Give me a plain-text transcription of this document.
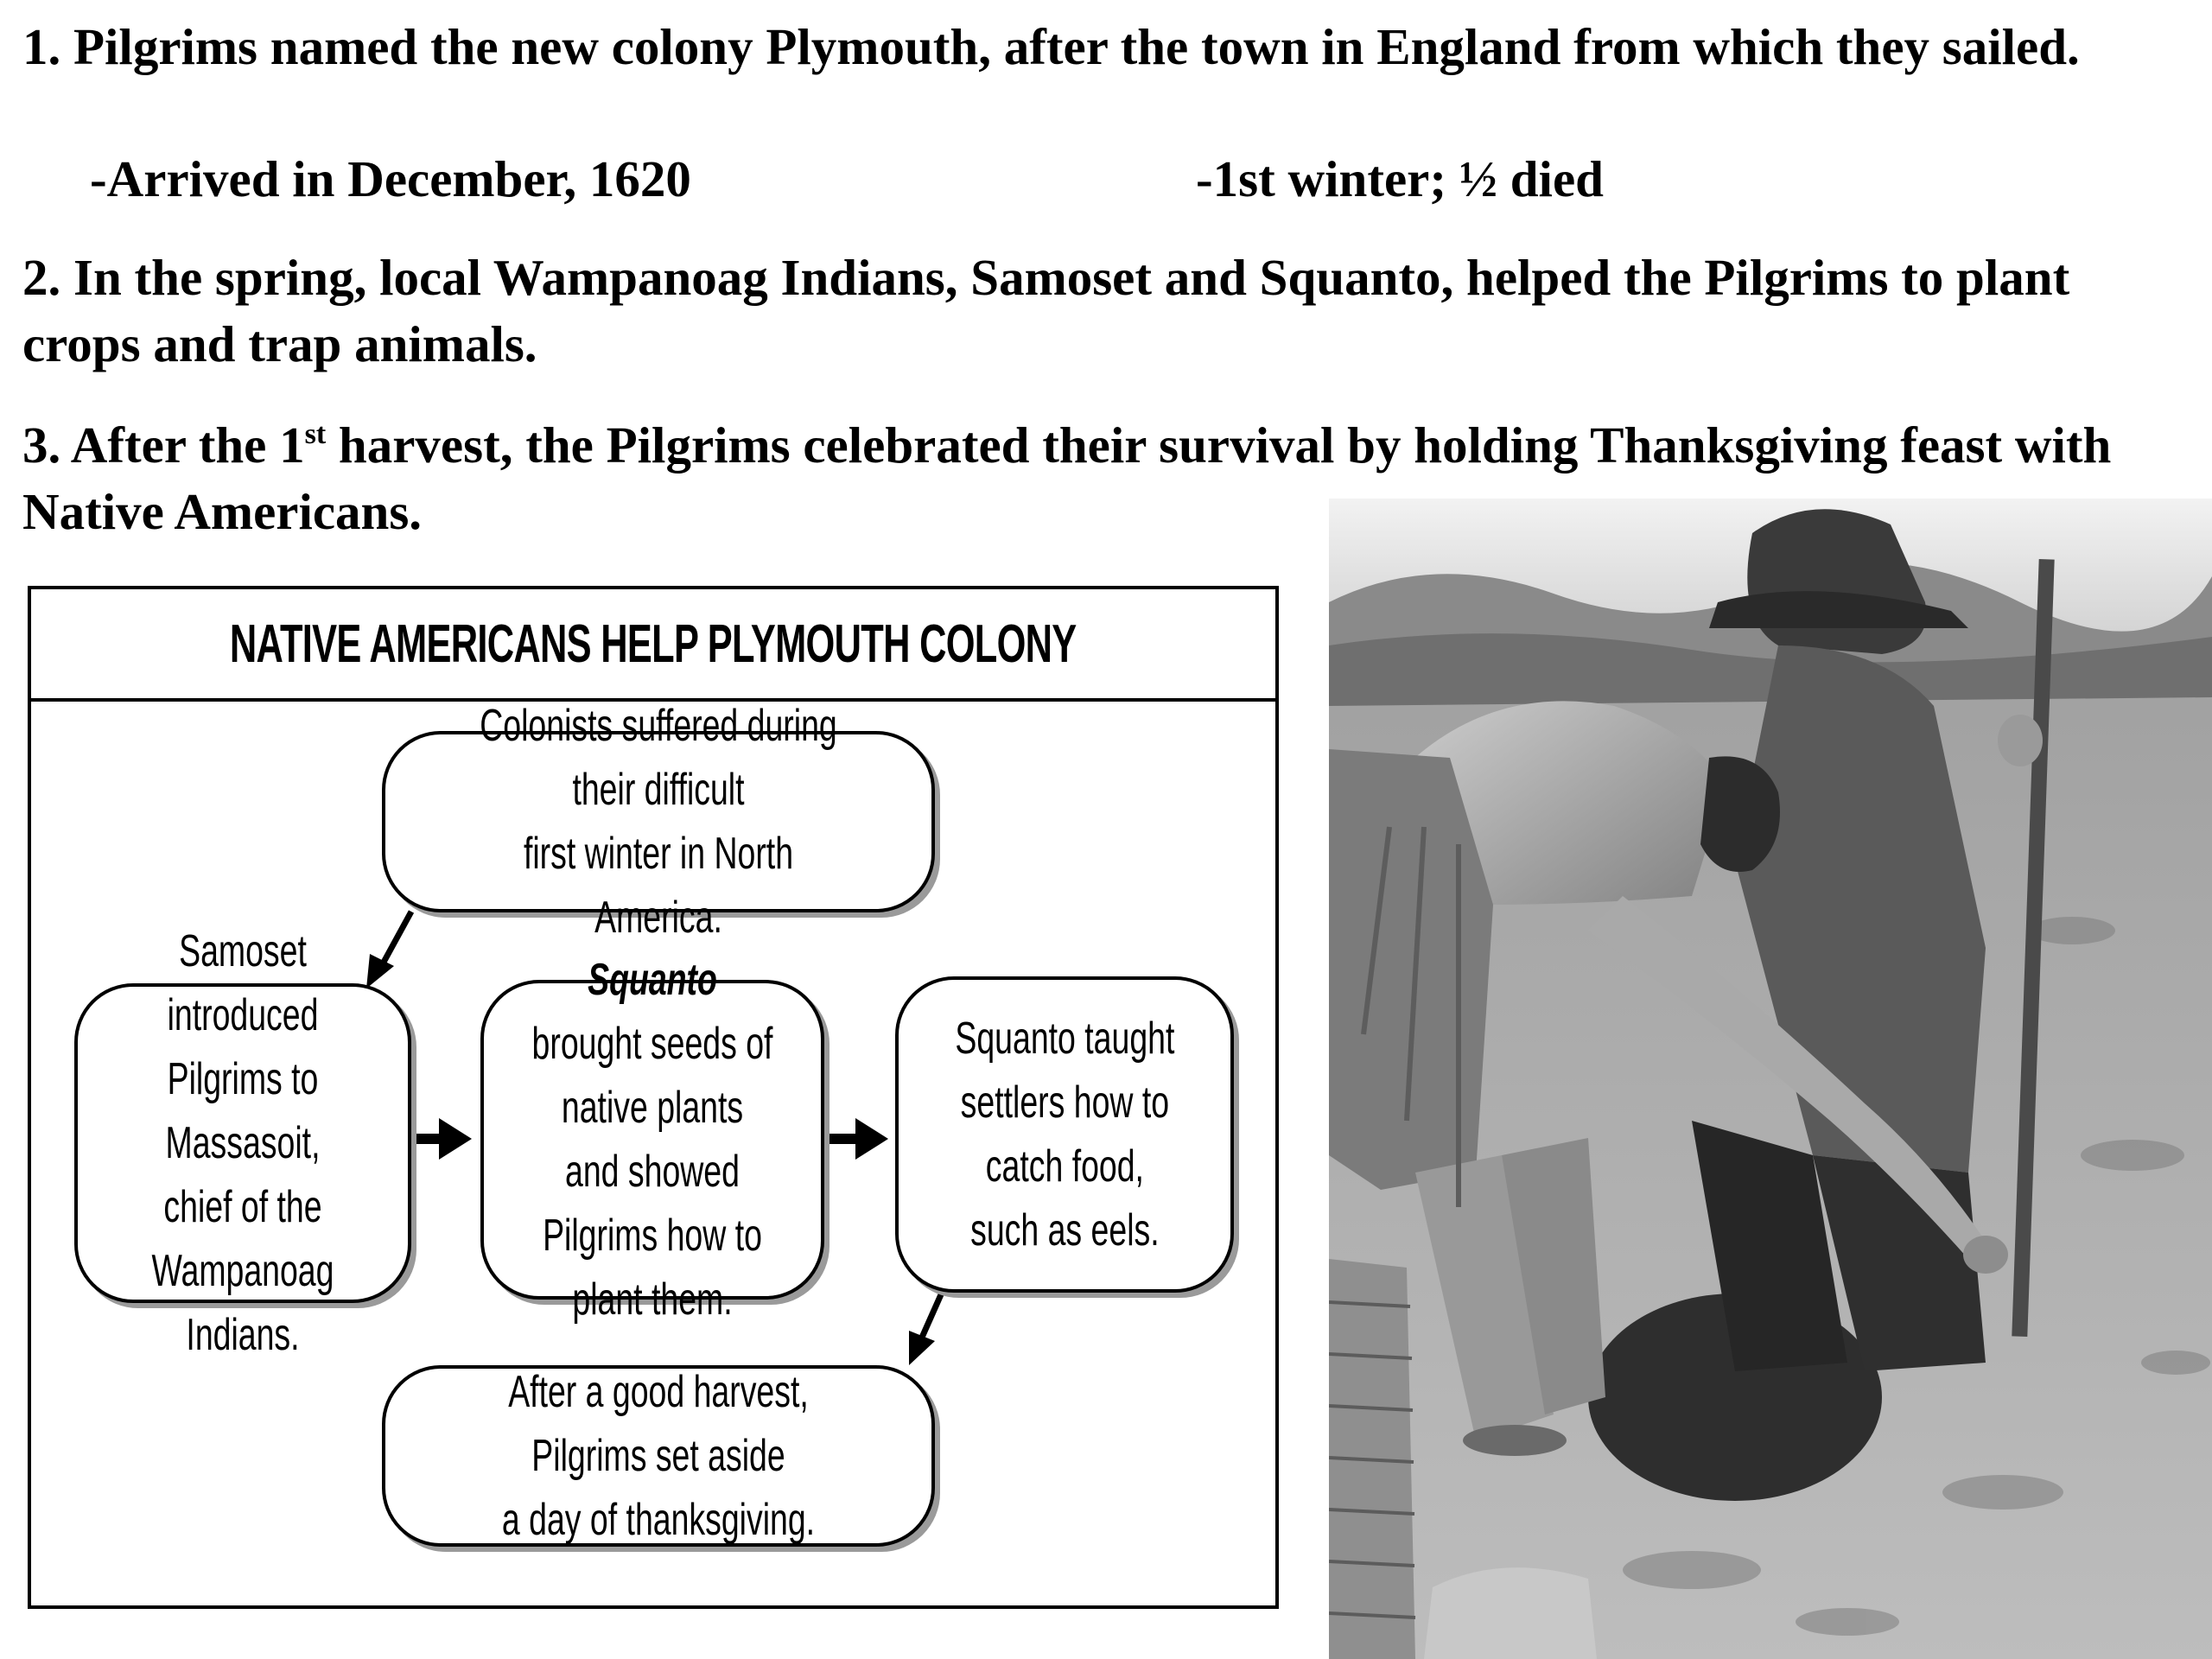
1. Pilgrims named the new colony Plymouth, after the town in England from which they sailed.

-Arrived in December, 1620	-1st winter; ½ died

2. In the spring, local Wampanoag Indians, Samoset and Squanto, helped the Pilgrims to plant crops and trap animals.

3. After the 1st harvest, the Pilgrims celebrated their survival by holding Thanksgiving feast with Native Americans.

NATIVE AMERICANS HELP PLYMOUTH COLONY
Colonists suffered during their difficult
first winter in North America.
Samoset introduced
Pilgrims to Massasoit,
chief of the
Wampanoag Indians.
Squanto brought seeds of native plants and showed Pilgrims how to plant them.
Squanto taught
settlers how to
catch food,
such as eels.
After a good harvest, Pilgrims set aside
a day of thanksgiving.
